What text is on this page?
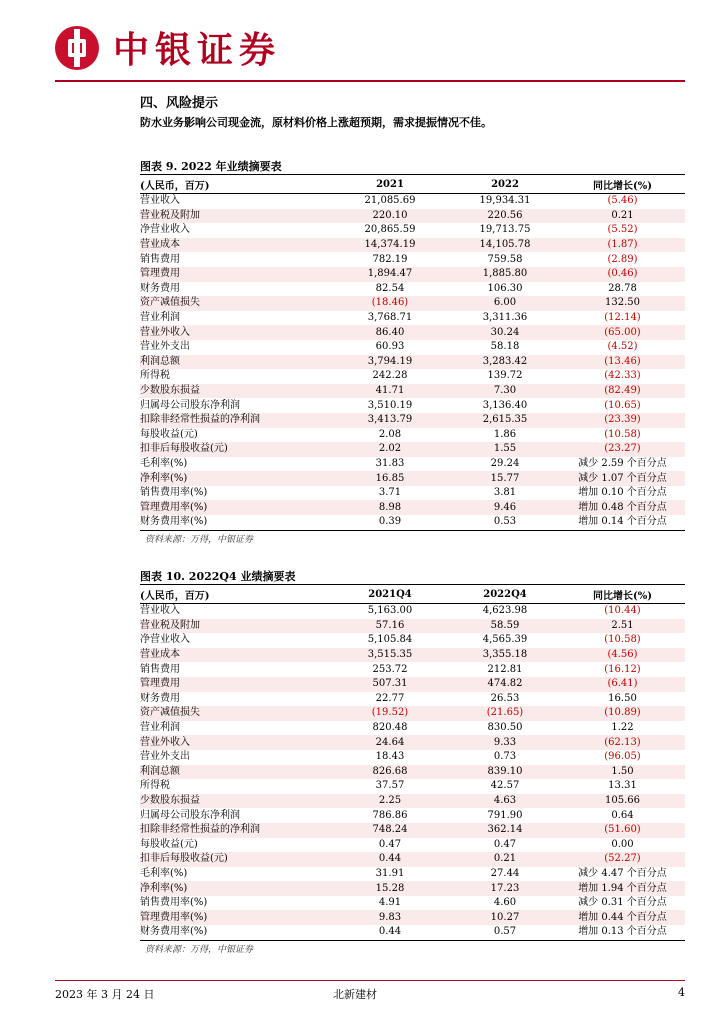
中银证券
四、风险提示
防水业务影响公司现金流，原材料价格上涨超预期，需求提振情况不佳。
图表 9. 2022 年业绩摘要表
(人民币，百万)	2021	2022	同比增长(%)
营业收入	21,085.69	19,934.31	(5.46)
营业税及附加	220.10	220.56	0.21
净营业收入	20,865.59	19,713.75	(5.52)
营业成本	14,374.19	14,105.78	(1.87)
销售费用	782.19	759.58	(2.89)
管理费用	1,894.47	1,885.80	(0.46)
财务费用	82.54	106.30	28.78
资产减值损失	(18.46)	6.00	132.50
营业利润	3,768.71	3,311.36	(12.14)
营业外收入	86.40	30.24	(65.00)
营业外支出	60.93	58.18	(4.52)
利润总额	3,794.19	3,283.42	(13.46)
所得税	242.28	139.72	(42.33)
少数股东损益	41.71	7.30	(82.49)
归属母公司股东净利润	3,510.19	3,136.40	(10.65)
扣除非经常性损益的净利润	3,413.79	2,615.35	(23.39)
每股收益(元)	2.08	1.86	(10.58)
扣非后每股收益(元)	2.02	1.55	(23.27)
毛利率(%)	31.83	29.24	减少 2.59 个百分点
净利率(%)	16.85	15.77	减少 1.07 个百分点
销售费用率(%)	3.71	3.81	增加 0.10 个百分点
管理费用率(%)	8.98	9.46	增加 0.48 个百分点
财务费用率(%)	0.39	0.53	增加 0.14 个百分点
资料来源：万得，中银证券
图表 10. 2022Q4 业绩摘要表
(人民币，百万)	2021Q4	2022Q4	同比增长(%)
营业收入	5,163.00	4,623.98	(10.44)
营业税及附加	57.16	58.59	2.51
净营业收入	5,105.84	4,565.39	(10.58)
营业成本	3,515.35	3,355.18	(4.56)
销售费用	253.72	212.81	(16.12)
管理费用	507.31	474.82	(6.41)
财务费用	22.77	26.53	16.50
资产减值损失	(19.52)	(21.65)	(10.89)
营业利润	820.48	830.50	1.22
营业外收入	24.64	9.33	(62.13)
营业外支出	18.43	0.73	(96.05)
利润总额	826.68	839.10	1.50
所得税	37.57	42.57	13.31
少数股东损益	2.25	4.63	105.66
归属母公司股东净利润	786.86	791.90	0.64
扣除非经常性损益的净利润	748.24	362.14	(51.60)
每股收益(元)	0.47	0.47	0.00
扣非后每股收益(元)	0.44	0.21	(52.27)
毛利率(%)	31.91	27.44	减少 4.47 个百分点
净利率(%)	15.28	17.23	增加 1.94 个百分点
销售费用率(%)	4.91	4.60	减少 0.31 个百分点
管理费用率(%)	9.83	10.27	增加 0.44 个百分点
财务费用率(%)	0.44	0.57	增加 0.13 个百分点
资料来源：万得，中银证券
2023 年 3 月 24 日	北新建材	4
